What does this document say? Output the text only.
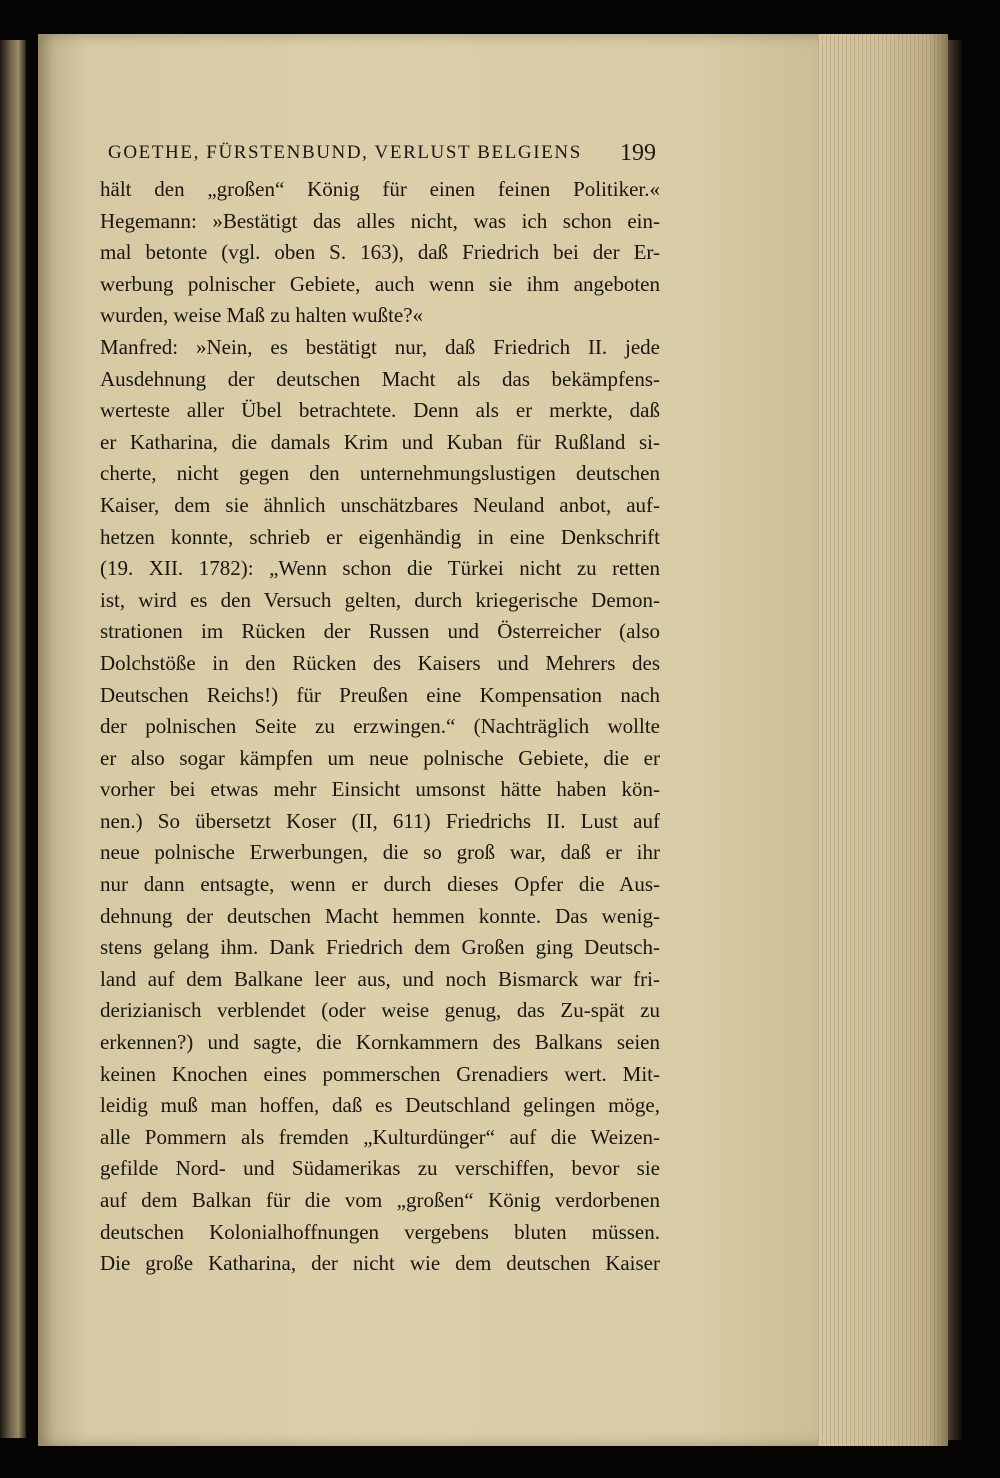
GOETHE, FÜRSTENBUND, VERLUST BELGIENS 199
hält den „großen“ König für einen feinen Politiker.«
Hegemann: »Bestätigt das alles nicht, was ich schon ein-
mal betonte (vgl. oben S. 163), daß Friedrich bei der Er-
werbung polnischer Gebiete, auch wenn sie ihm angeboten
wurden, weise Maß zu halten wußte?«
Manfred: »Nein, es bestätigt nur, daß Friedrich II. jede
Ausdehnung der deutschen Macht als das bekämpfens-
werteste aller Übel betrachtete. Denn als er merkte, daß
er Katharina, die damals Krim und Kuban für Rußland si-
cherte, nicht gegen den unternehmungslustigen deutschen
Kaiser, dem sie ähnlich unschätzbares Neuland anbot, auf-
hetzen konnte, schrieb er eigenhändig in eine Denkschrift
(19. XII. 1782): „Wenn schon die Türkei nicht zu retten
ist, wird es den Versuch gelten, durch kriegerische Demon-
strationen im Rücken der Russen und Österreicher (also
Dolchstöße in den Rücken des Kaisers und Mehrers des
Deutschen Reichs!) für Preußen eine Kompensation nach
der polnischen Seite zu erzwingen.“ (Nachträglich wollte
er also sogar kämpfen um neue polnische Gebiete, die er
vorher bei etwas mehr Einsicht umsonst hätte haben kön-
nen.) So übersetzt Koser (II, 611) Friedrichs II. Lust auf
neue polnische Erwerbungen, die so groß war, daß er ihr
nur dann entsagte, wenn er durch dieses Opfer die Aus-
dehnung der deutschen Macht hemmen konnte. Das wenig-
stens gelang ihm. Dank Friedrich dem Großen ging Deutsch-
land auf dem Balkane leer aus, und noch Bismarck war fri-
derizianisch verblendet (oder weise genug, das Zu-spät zu
erkennen?) und sagte, die Kornkammern des Balkans seien
keinen Knochen eines pommerschen Grenadiers wert. Mit-
leidig muß man hoffen, daß es Deutschland gelingen möge,
alle Pommern als fremden „Kulturdünger“ auf die Weizen-
gefilde Nord- und Südamerikas zu verschiffen, bevor sie
auf dem Balkan für die vom „großen“ König verdorbenen
deutschen Kolonialhoffnungen vergebens bluten müssen.
Die große Katharina, der nicht wie dem deutschen Kaiser
